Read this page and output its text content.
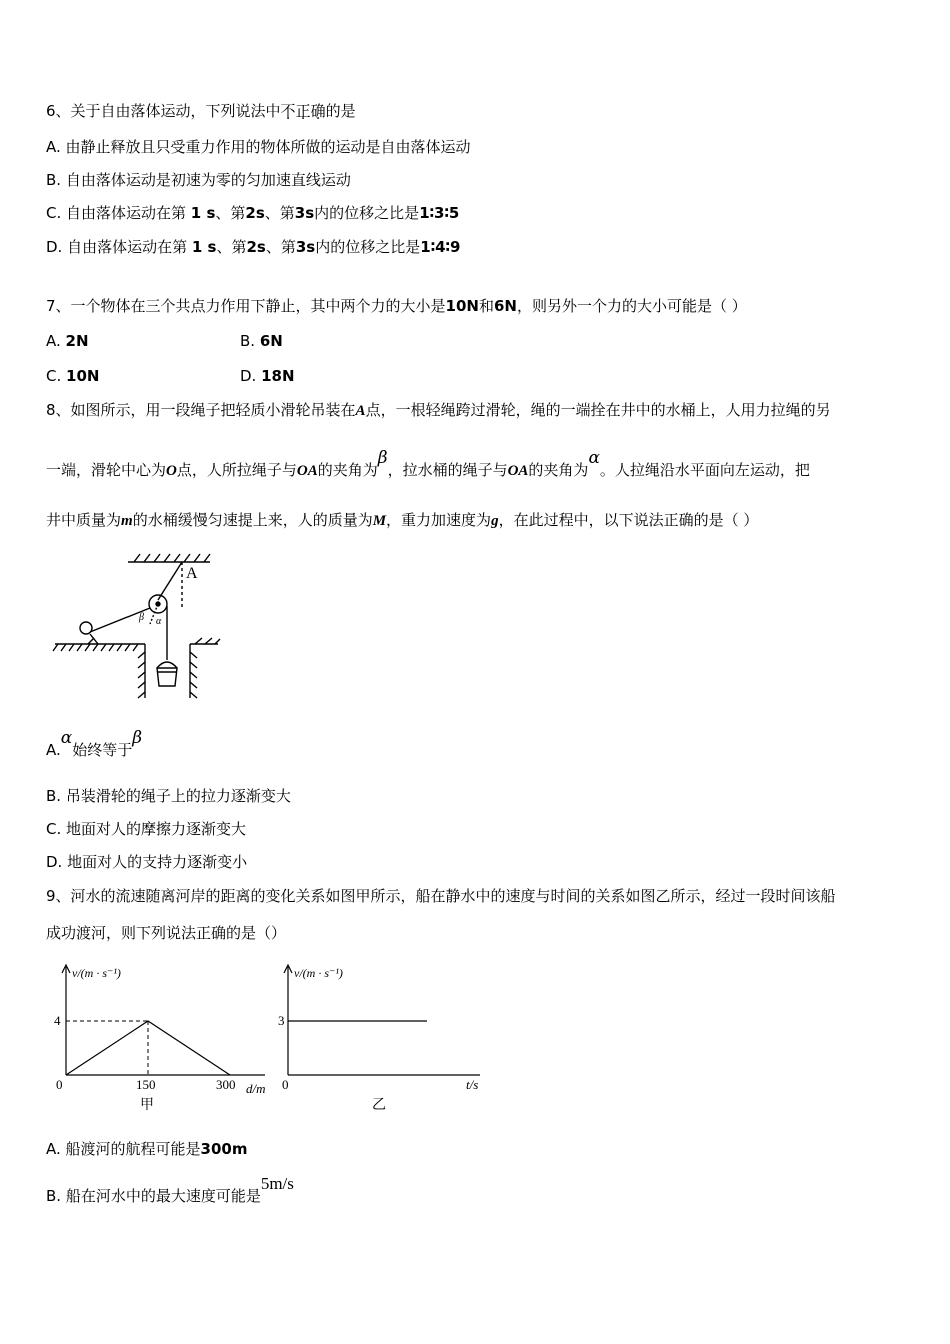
6、关于自由落体运动，下列说法中不正确的是
A. 由静止释放且只受重力作用的物体所做的运动是自由落体运动
B. 自由落体运动是初速为零的匀加速直线运动
C. 自由落体运动在第 1 s、第2s、第3s内的位移之比是1∶3∶5
D. 自由落体运动在第 1 s、第2s、第3s内的位移之比是1∶4∶9
7、一个物体在三个共点力作用下静止，其中两个力的大小是10N和6N，则另外一个力的大小可能是（ ）
A. 2N	B. 6N
C. 10N	D. 18N
8、如图所示，用一段绳子把轻质小滑轮吊装在A点，一根轻绳跨过滑轮，绳的一端拴在井中的水桶上，人用力拉绳的另
一端，滑轮中心为O点，人所拉绳子与OA的夹角为β，拉水桶的绳子与OA的夹角为α。人拉绳沿水平面向左运动，把
井中质量为m的水桶缓慢匀速提上来，人的质量为M，重力加速度为g，在此过程中，以下说法正确的是（ ）
A
β α
A.α始终等于β
B. 吊装滑轮的绳子上的拉力逐渐变大
C. 地面对人的摩擦力逐渐变大
D. 地面对人的支持力逐渐变小
9、河水的流速随离河岸的距离的变化关系如图甲所示，船在静水中的速度与时间的关系如图乙所示，经过一段时间该船
成功渡河，则下列说法正确的是（）
v/(m · s⁻¹)
d/m
4
0	150	300
甲
v/(m · s⁻¹)
t/s
3
0
乙
A. 船渡河的航程可能是300m
B. 船在河水中的最大速度可能是5m/s
